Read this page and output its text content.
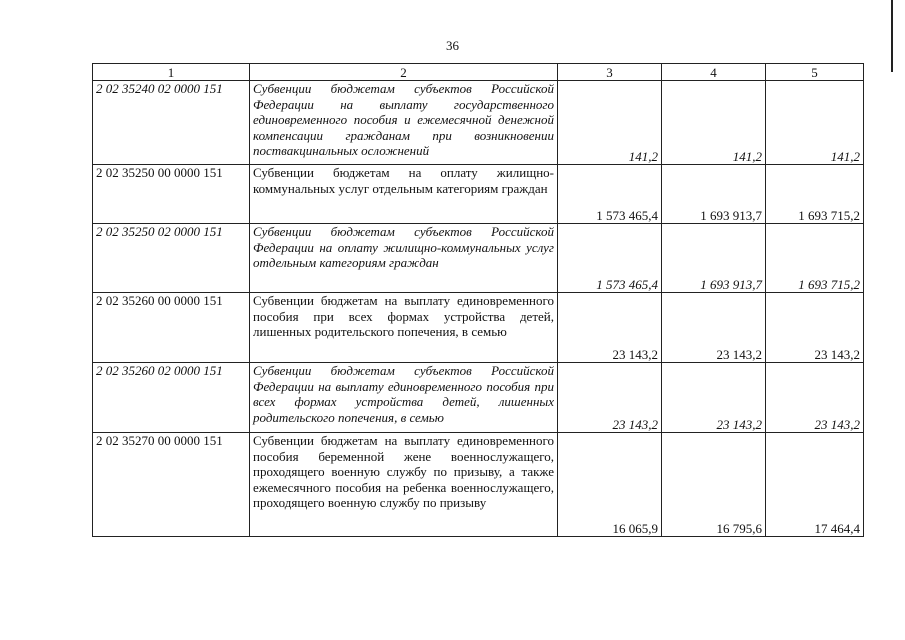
36
1	2	3	4	5
2 02 35240 02 0000 151	Субвенции бюджетам субъектов Российской Федерации на выплату государственного единовременного пособия и ежемесячной денежной компенсации гражданам при возникновении поствакцинальных осложнений	141,2	141,2	141,2
2 02 35250 00 0000 151	Субвенции бюджетам на оплату жилищно-коммунальных услуг отдельным категориям граждан	1 573 465,4	1 693 913,7	1 693 715,2
2 02 35250 02 0000 151	Субвенции бюджетам субъектов Российской Федерации на оплату жилищно-коммунальных услуг отдельным категориям граждан	1 573 465,4	1 693 913,7	1 693 715,2
2 02 35260 00 0000 151	Субвенции бюджетам на выплату единовременного пособия при всех формах устройства детей, лишенных родительского попечения, в семью	23 143,2	23 143,2	23 143,2
2 02 35260 02 0000 151	Субвенции бюджетам субъектов Российской Федерации на выплату единовременного пособия при всех формах устройства детей, лишенных родительского попечения, в семью	23 143,2	23 143,2	23 143,2
2 02 35270 00 0000 151	Субвенции бюджетам на выплату единовременного пособия беременной жене военнослужащего, проходящего военную службу по призыву, а также ежемесячного пособия на ребенка военнослужащего, проходящего военную службу по призыву	16 065,9	16 795,6	17 464,4
